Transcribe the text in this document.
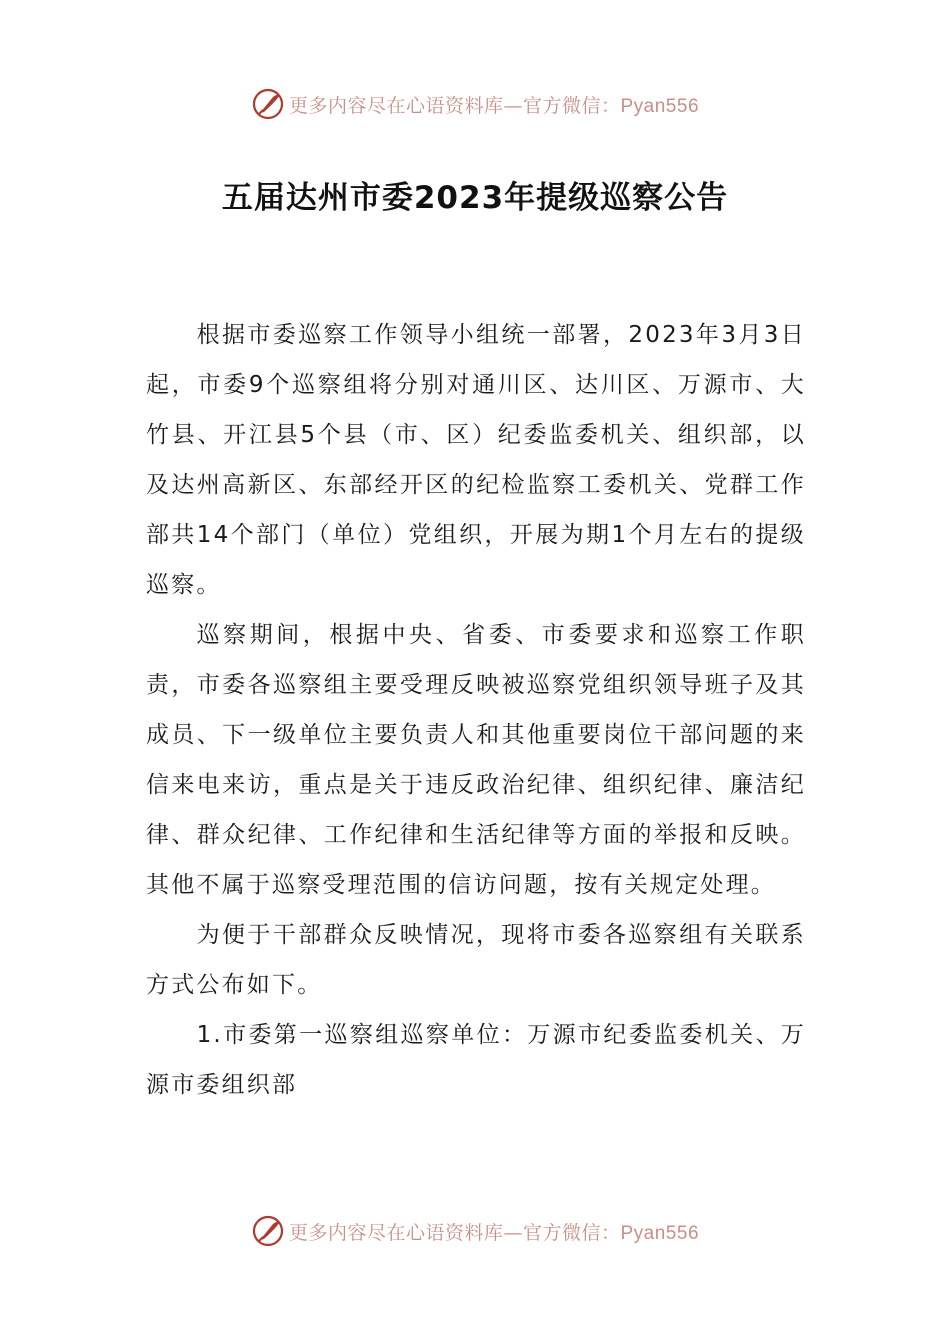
更多内容尽在心语资料库—官方微信：Pyan556
五届达州市委2023年提级巡察公告

根据市委巡察工作领导小组统一部署，2023年3月3日起，市委9个巡察组将分别对通川区、达川区、万源市、大竹县、开江县5个县（市、区）纪委监委机关、组织部，以及达州高新区、东部经开区的纪检监察工委机关、党群工作部共14个部门（单位）党组织，开展为期1个月左右的提级巡察。

巡察期间，根据中央、省委、市委要求和巡察工作职责，市委各巡察组主要受理反映被巡察党组织领导班子及其成员、下一级单位主要负责人和其他重要岗位干部问题的来信来电来访，重点是关于违反政治纪律、组织纪律、廉洁纪律、群众纪律、工作纪律和生活纪律等方面的举报和反映。其他不属于巡察受理范围的信访问题，按有关规定处理。

为便于干部群众反映情况，现将市委各巡察组有关联系方式公布如下。

1.市委第一巡察组巡察单位：万源市纪委监委机关、万源市委组织部

更多内容尽在心语资料库—官方微信：Pyan556
